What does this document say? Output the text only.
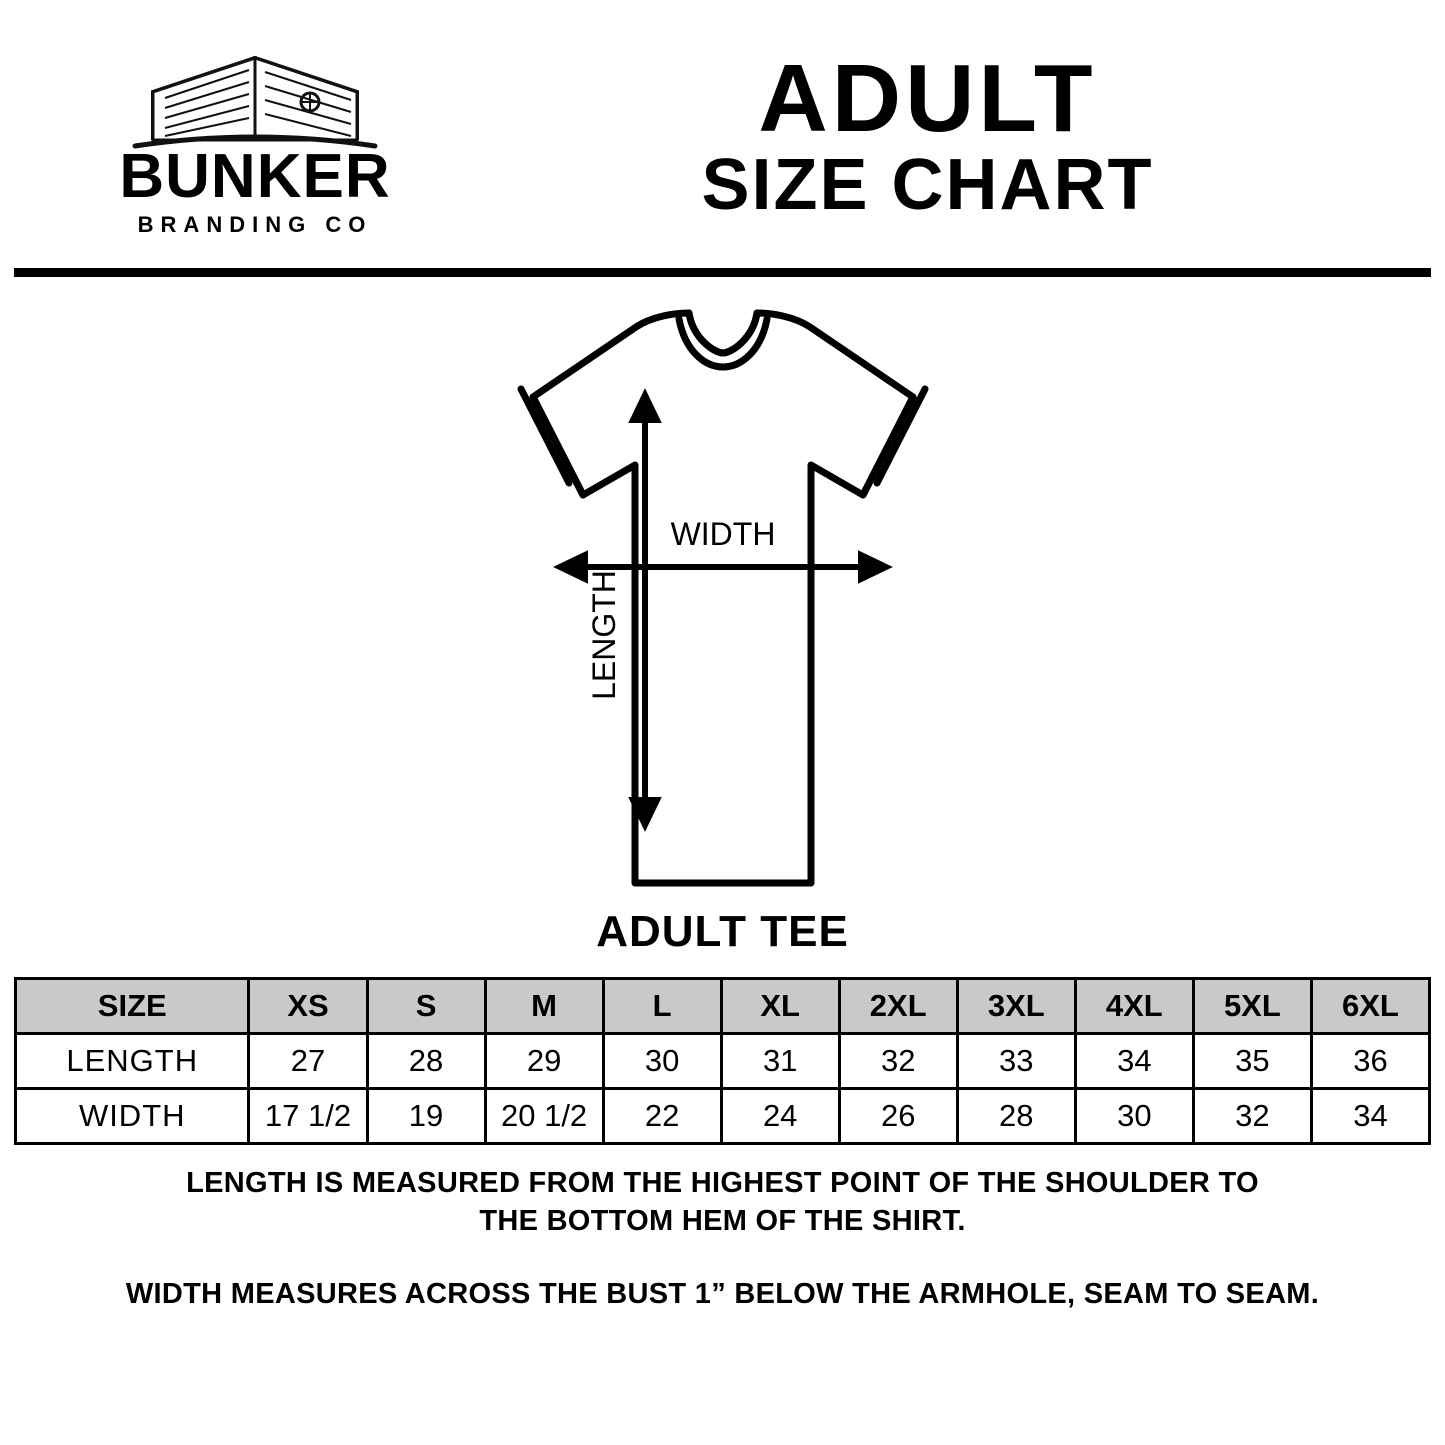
BUNKER
BRANDING CO
ADULT
SIZE CHART
WIDTH
LENGTH
ADULT TEE
SIZE	XS	S	M	L	XL	2XL	3XL	4XL	5XL	6XL
LENGTH	27	28	29	30	31	32	33	34	35	36
WIDTH	17 1/2	19	20 1/2	22	24	26	28	30	32	34
LENGTH IS MEASURED FROM THE HIGHEST POINT OF THE SHOULDER TO
THE BOTTOM HEM OF THE SHIRT.
WIDTH MEASURES ACROSS THE BUST 1” BELOW THE ARMHOLE, SEAM TO SEAM.
